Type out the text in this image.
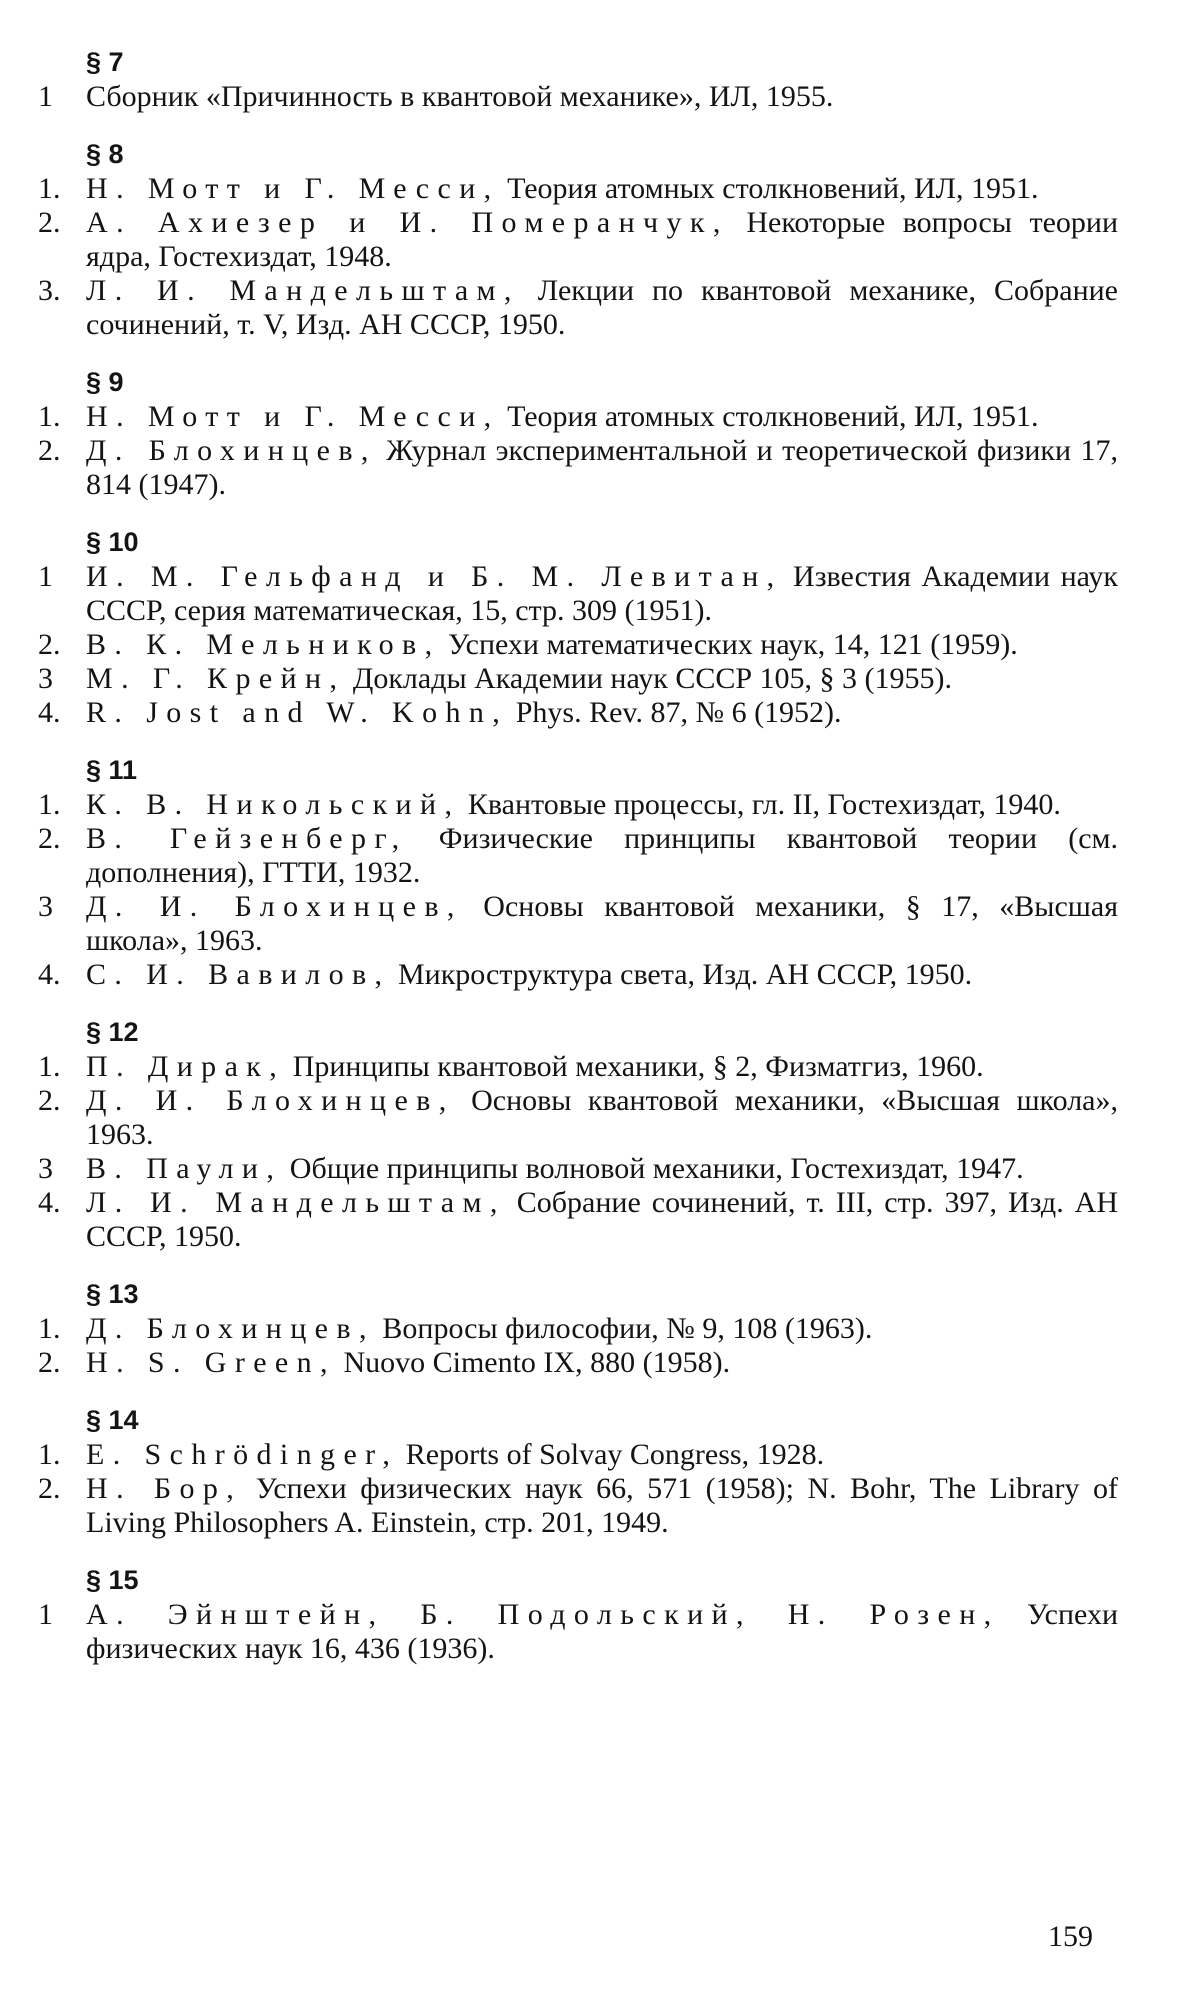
§ 7
1	Сборник «Причинность в квантовой механике», ИЛ, 1955.
§ 8
1. Н. Мотт и Г. Месси, Теория атомных столкновений, ИЛ, 1951.
2. А. Ахиезер и И. Померанчук, Некоторые вопросы теории ядра, Гостехиздат, 1948.
3. Л. И. Мандельштам, Лекции по квантовой механике, Собрание сочинений, т. V, Изд. АН СССР, 1950.
§ 9
1. Н. Мотт и Г. Месси, Теория атомных столкновений, ИЛ, 1951.
2. Д. Блохинцев, Журнал экспериментальной и теоретической физики 17, 814 (1947).
§ 10
1	И. М. Гельфанд и Б. М. Левитан, Известия Академии наук СССР, серия математическая, 15, стр. 309 (1951).
2. В. К. Мельников, Успехи математических наук, 14, 121 (1959).
3	М. Г. Крейн, Доклады Академии наук СССР 105, § 3 (1955).
4. R. Jost and W. Kohn, Phys. Rev. 87, № 6 (1952).
§ 11
1. К. В. Никольский, Квантовые процессы, гл. II, Гостехиздат, 1940.
2. В. Гейзенберг, Физические принципы квантовой теории (см. дополнения), ГТТИ, 1932.
3	Д. И. Блохинцев, Основы квантовой механики, § 17, «Высшая школа», 1963.
4. С. И. Вавилов, Микроструктура света, Изд. АН СССР, 1950.
§ 12
1. П. Дирак, Принципы квантовой механики, § 2, Физматгиз, 1960.
2. Д. И. Блохинцев, Основы квантовой механики, «Высшая школа», 1963.
3	В. Паули, Общие принципы волновой механики, Гостехиздат, 1947.
4. Л. И. Мандельштам, Собрание сочинений, т. III, стр. 397, Изд. АН СССР, 1950.
§ 13
1. Д. Блохинцев, Вопросы философии, № 9, 108 (1963).
2. H. S. Green, Nuovo Cimento IX, 880 (1958).
§ 14
1. E. Schrödinger, Reports of Solvay Congress, 1928.
2. Н. Бор, Успехи физических наук 66, 571 (1958); N. Bohr, The Library of Living Philosophers A. Einstein, стр. 201, 1949.
§ 15
1	А. Эйнштейн, Б. Подольский, Н. Розен, Успехи физических наук 16, 436 (1936).
159
